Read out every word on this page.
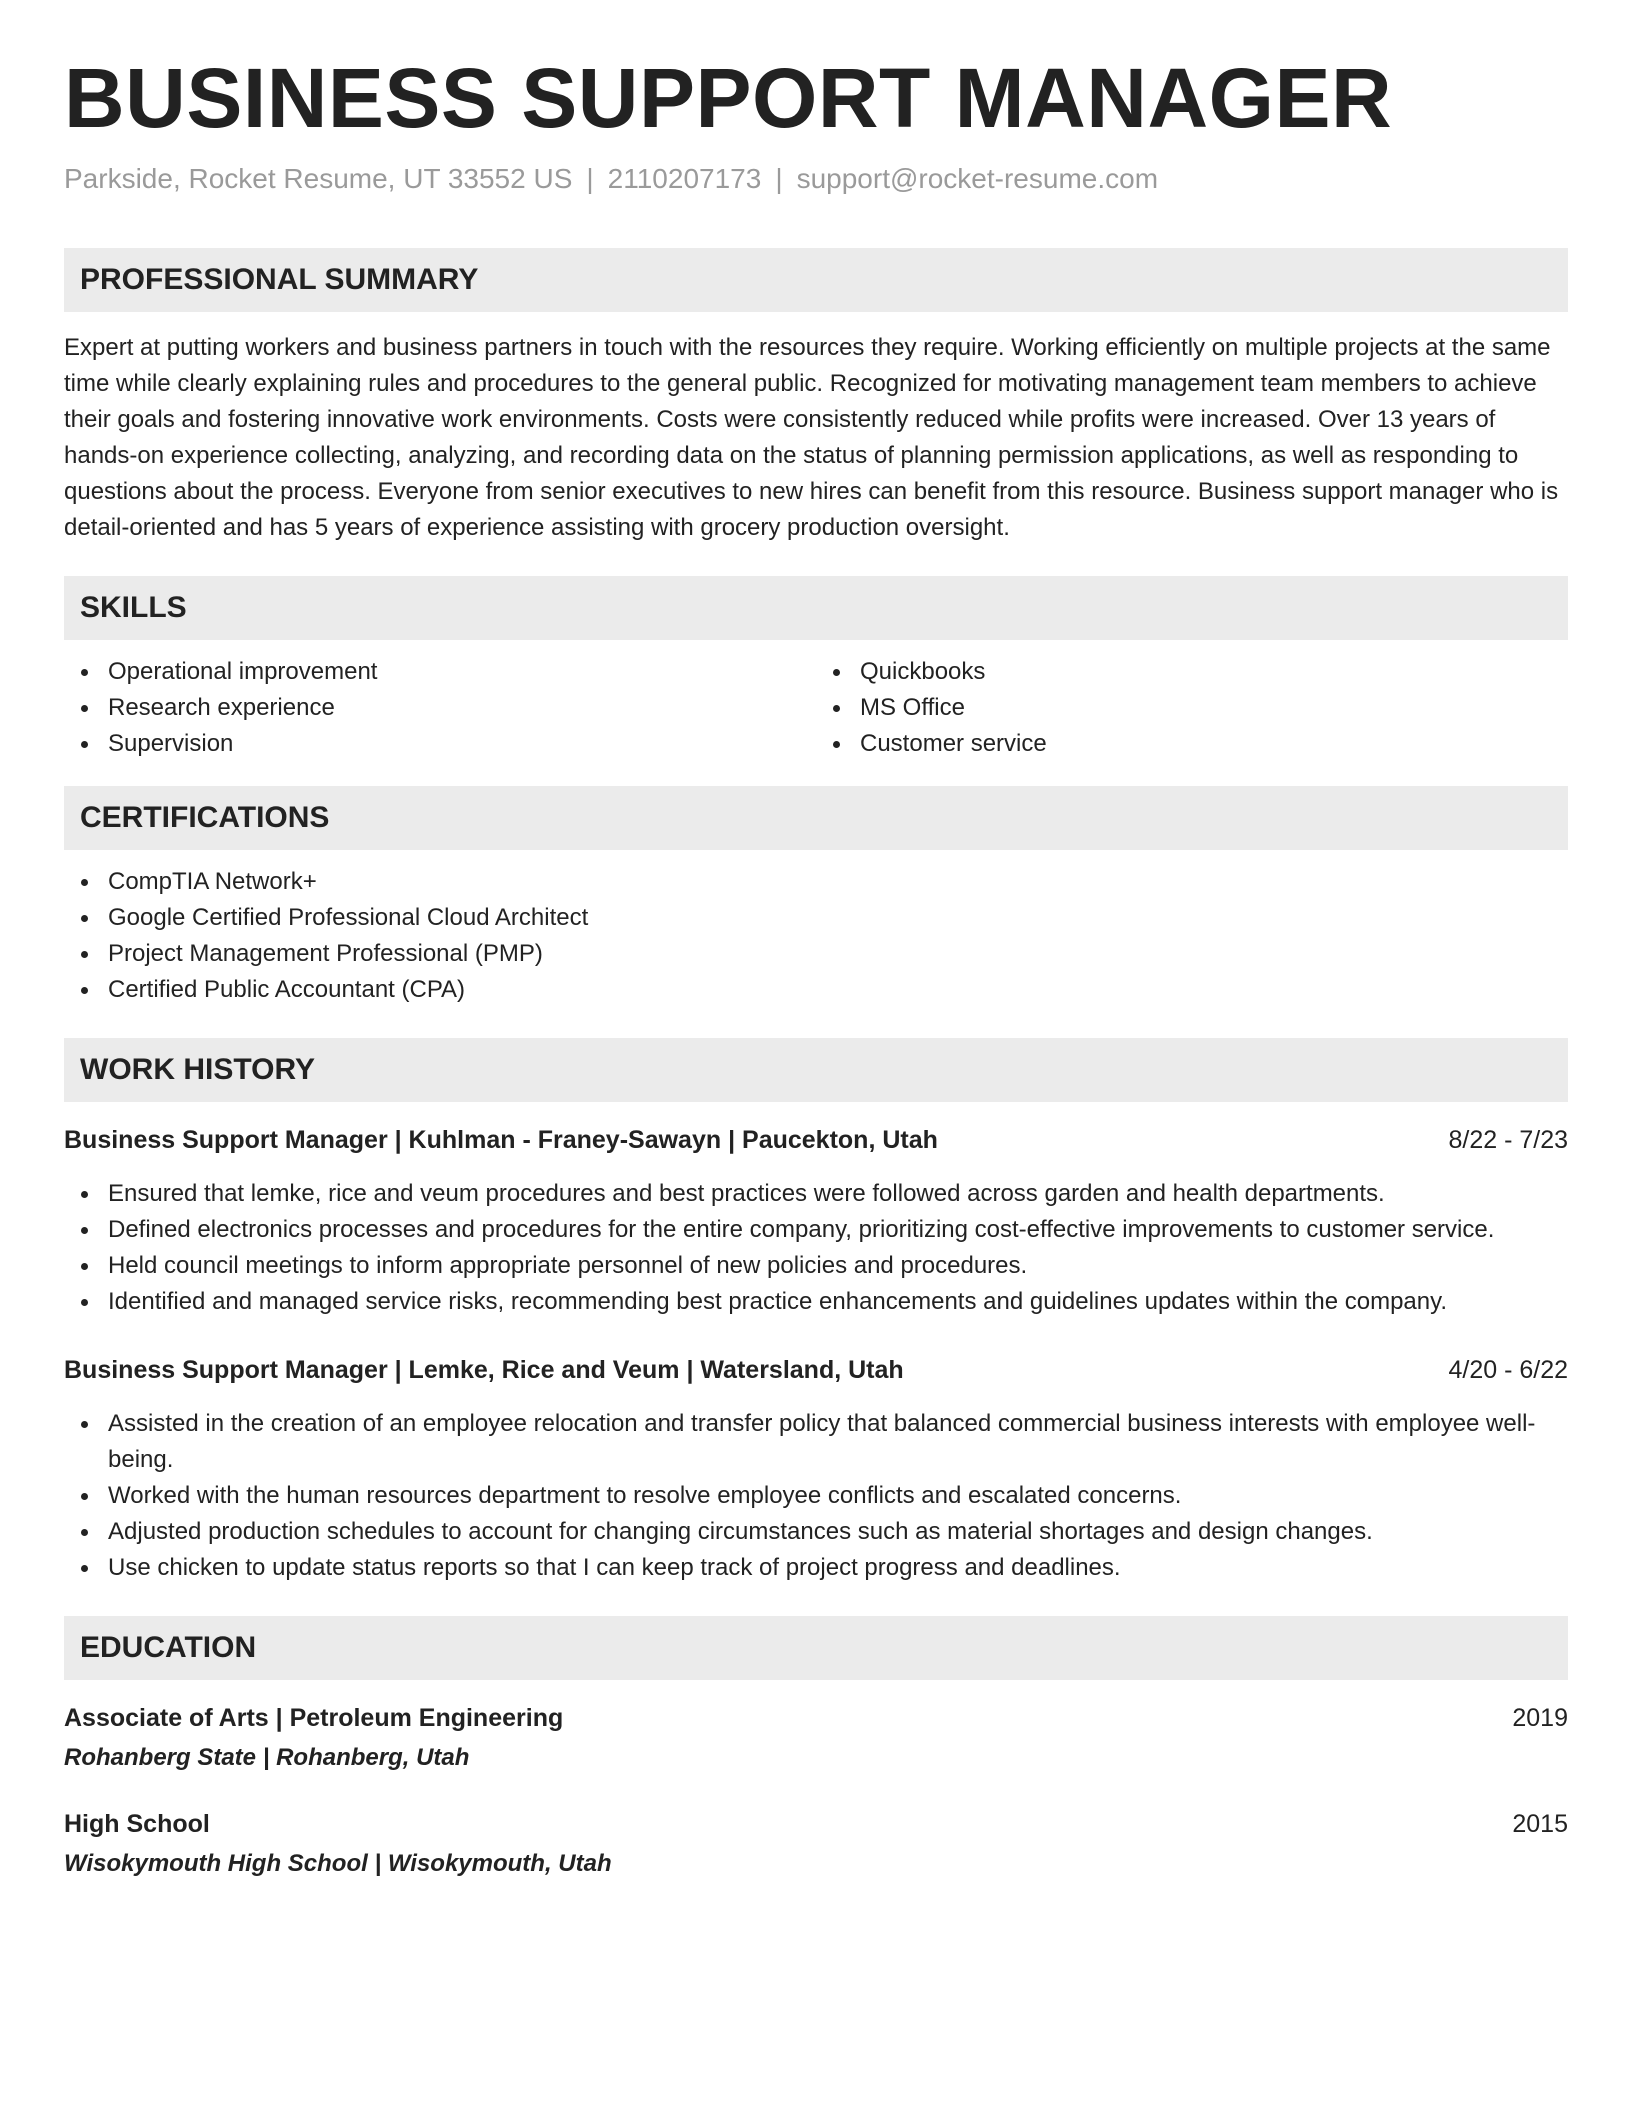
BUSINESS SUPPORT MANAGER
Parkside, Rocket Resume, UT 33552 US | 2110207173 | support@rocket-resume.com
PROFESSIONAL SUMMARY
Expert at putting workers and business partners in touch with the resources they require. Working efficiently on multiple projects at the same time while clearly explaining rules and procedures to the general public. Recognized for motivating management team members to achieve their goals and fostering innovative work environments. Costs were consistently reduced while profits were increased. Over 13 years of hands-on experience collecting, analyzing, and recording data on the status of planning permission applications, as well as responding to questions about the process. Everyone from senior executives to new hires can benefit from this resource. Business support manager who is detail-oriented and has 5 years of experience assisting with grocery production oversight.
SKILLS
Operational improvement
Research experience
Supervision
Quickbooks
MS Office
Customer service
CERTIFICATIONS
CompTIA Network+
Google Certified Professional Cloud Architect
Project Management Professional (PMP)
Certified Public Accountant (CPA)
WORK HISTORY
Business Support Manager | Kuhlman - Franey-Sawayn | Paucekton, Utah	8/22 - 7/23
Ensured that lemke, rice and veum procedures and best practices were followed across garden and health departments.
Defined electronics processes and procedures for the entire company, prioritizing cost-effective improvements to customer service.
Held council meetings to inform appropriate personnel of new policies and procedures.
Identified and managed service risks, recommending best practice enhancements and guidelines updates within the company.
Business Support Manager | Lemke, Rice and Veum | Watersland, Utah	4/20 - 6/22
Assisted in the creation of an employee relocation and transfer policy that balanced commercial business interests with employee well-being.
Worked with the human resources department to resolve employee conflicts and escalated concerns.
Adjusted production schedules to account for changing circumstances such as material shortages and design changes.
Use chicken to update status reports so that I can keep track of project progress and deadlines.
EDUCATION
Associate of Arts | Petroleum Engineering	2019
Rohanberg State | Rohanberg, Utah
High School	2015
Wisokymouth High School | Wisokymouth, Utah
